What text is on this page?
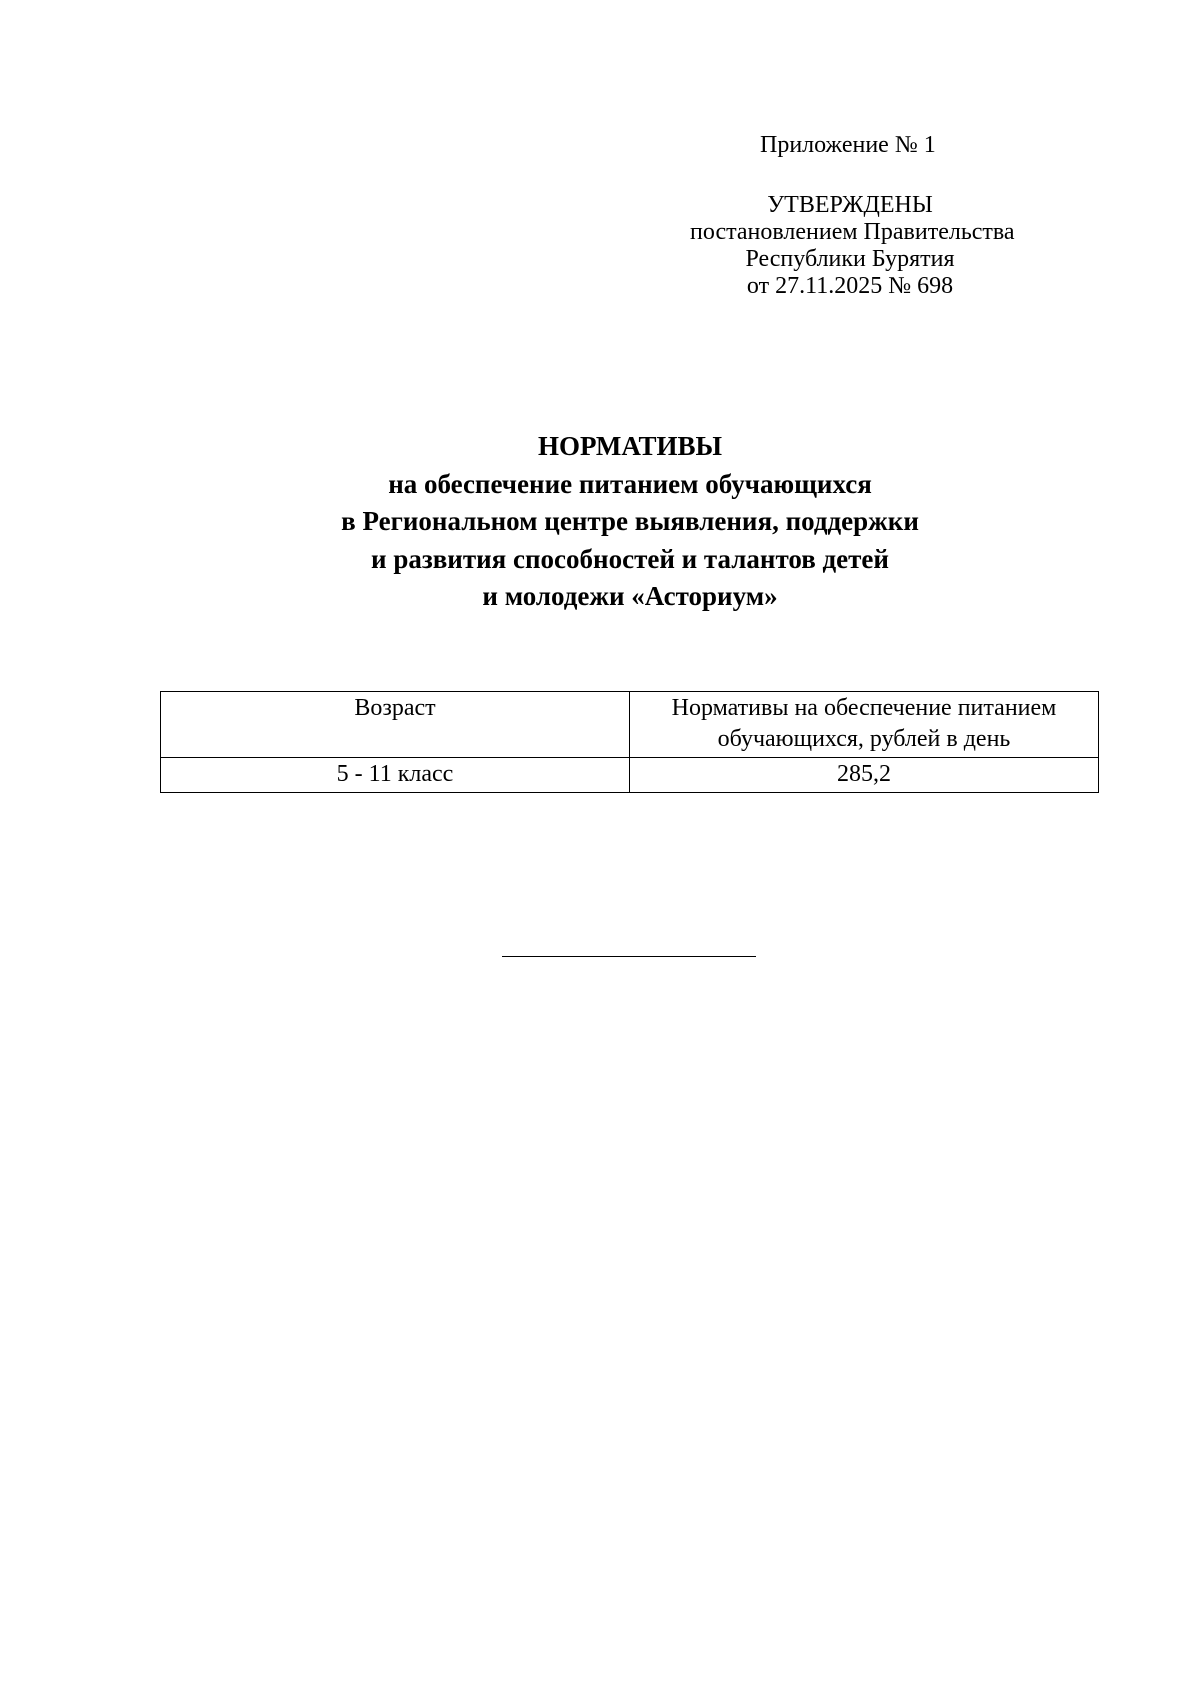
Приложение № 1
УТВЕРЖДЕНЫ
постановлением Правительства
Республики Бурятия
от 27.11.2025 № 698
НОРМАТИВЫ
на обеспечение питанием обучающихся
в Региональном центре выявления, поддержки
и развития способностей и талантов детей
и молодежи «Асториум»
Возраст	Нормативы на обеспечение питанием обучающихся, рублей в день
5 - 11 класс	285,2
